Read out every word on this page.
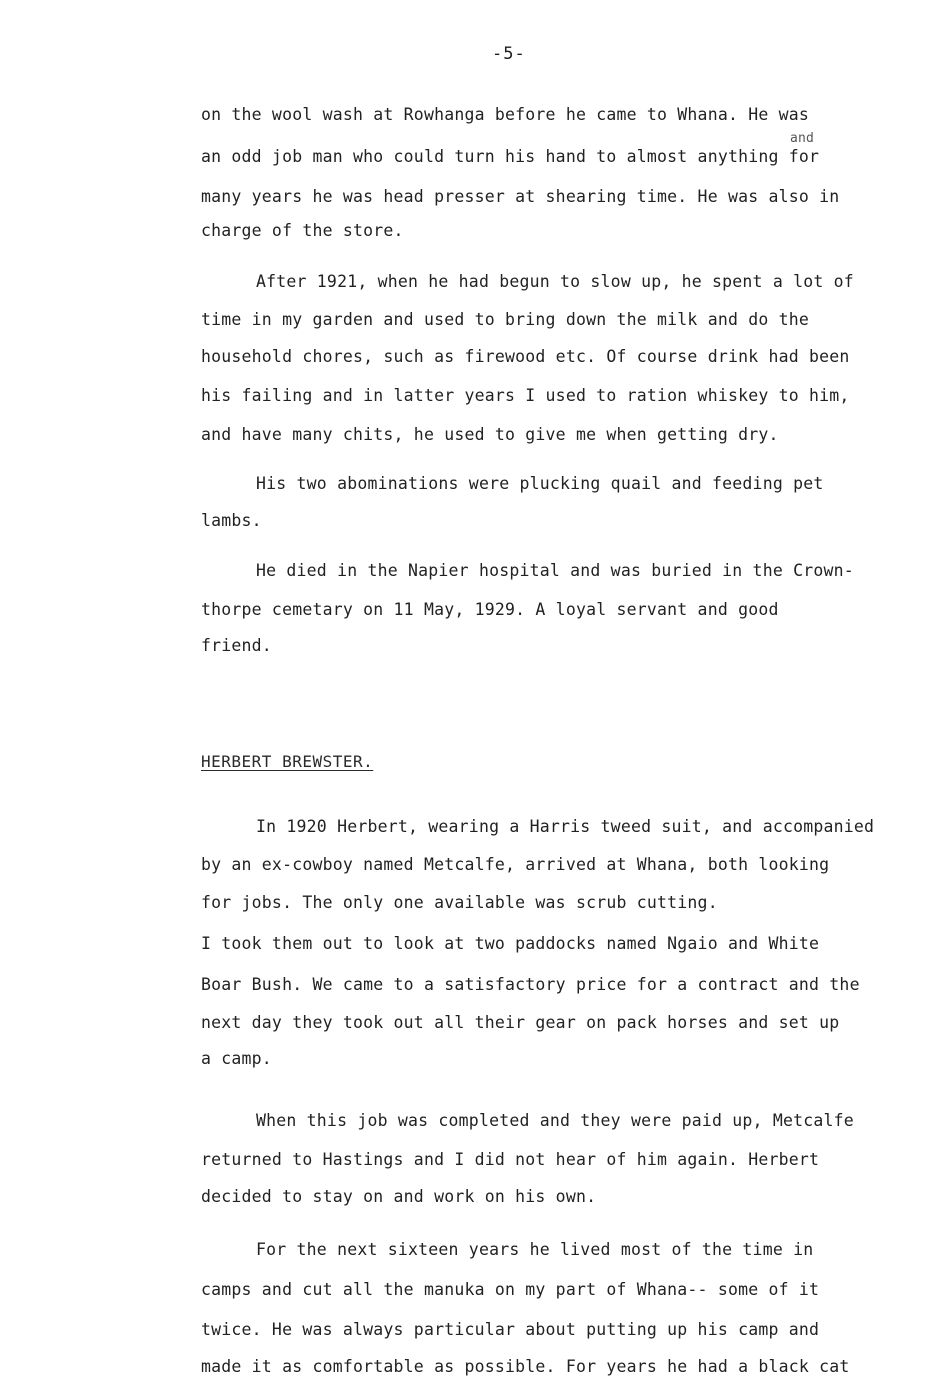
-5-
and
on the wool wash at Rowhanga before he came to Whana. He was
an odd job man who could turn his hand to almost anything for
many years he was head presser at shearing time. He was also in
charge of the store.
After 1921, when he had begun to slow up, he spent a lot of
time in my garden and used to bring down the milk and do the
household chores, such as firewood etc. Of course drink had been
his failing and in latter years I used to ration whiskey to him,
and have many chits, he used to give me when getting dry.
His two abominations were plucking quail and feeding pet
lambs.
He died in the Napier hospital and was buried in the Crown-
thorpe cemetary on 11 May, 1929. A loyal servant and good
friend.
HERBERT BREWSTER.
In 1920 Herbert, wearing a Harris tweed suit, and accompanied
by an ex-cowboy named Metcalfe, arrived at Whana, both looking
for jobs. The only one available was scrub cutting.
I took them out to look at two paddocks named Ngaio and White
Boar Bush. We came to a satisfactory price for a contract and the
next day they took out all their gear on pack horses and set up
a camp.
When this job was completed and they were paid up, Metcalfe
returned to Hastings and I did not hear of him again. Herbert
decided to stay on and work on his own.
For the next sixteen years he lived most of the time in
camps and cut all the manuka on my part of Whana-- some of it
twice. He was always particular about putting up his camp and
made it as comfortable as possible. For years he had a black cat
